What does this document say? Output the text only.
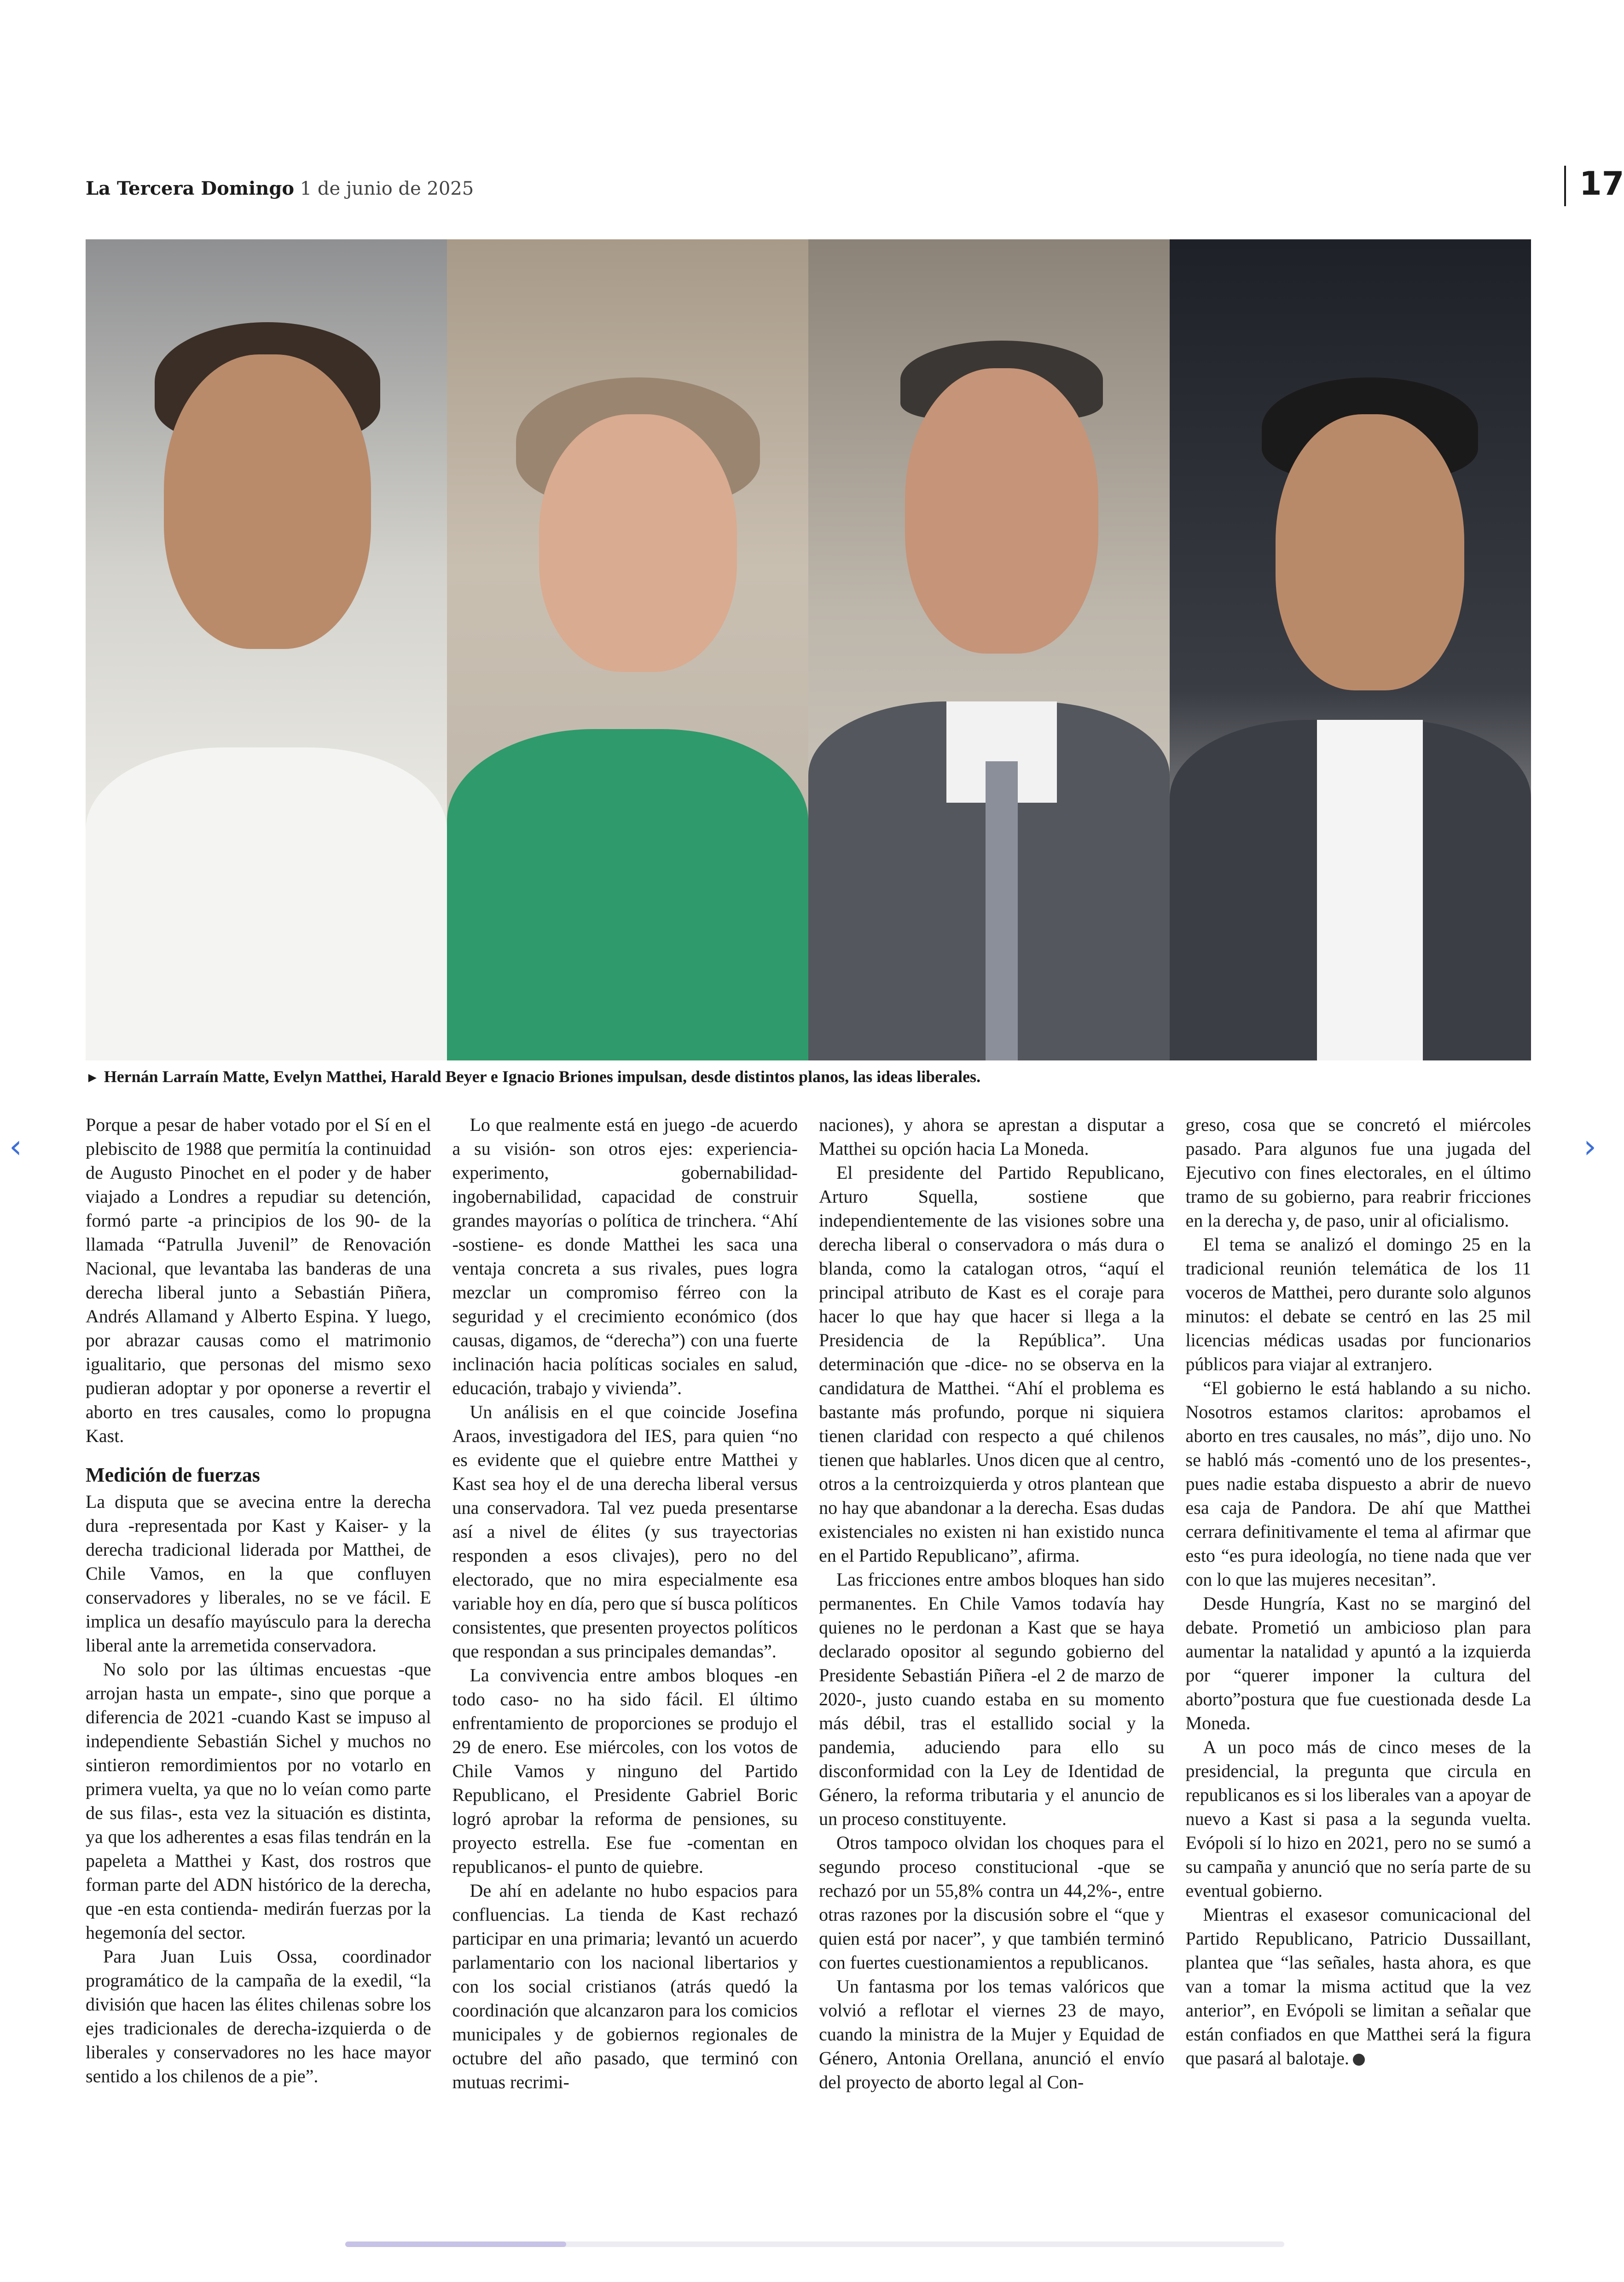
La Tercera Domingo 1 de junio de 2025	17
► Hernán Larraín Matte, Evelyn Matthei, Harald Beyer e Ignacio Briones impulsan, desde distintos planos, las ideas liberales.

Porque a pesar de haber votado por el Sí en el plebiscito de 1988 que permitía la continuidad de Augusto Pinochet en el poder y de haber viajado a Londres a repudiar su detención, formó parte -a principios de los 90- de la llamada “Patrulla Juvenil” de Renovación Nacional, que levantaba las banderas de una derecha liberal junto a Sebastián Piñera, Andrés Allamand y Alberto Espina. Y luego, por abrazar causas como el matrimonio igualitario, que personas del mismo sexo pudieran adoptar y por oponerse a revertir el aborto en tres causales, como lo propugna Kast.

Medición de fuerzas

La disputa que se avecina entre la derecha dura -representada por Kast y Kaiser- y la derecha tradicional liderada por Matthei, de Chile Vamos, en la que confluyen conservadores y liberales, no se ve fácil. E implica un desafío mayúsculo para la derecha liberal ante la arremetida conservadora.

No solo por las últimas encuestas -que arrojan hasta un empate-, sino que porque a diferencia de 2021 -cuando Kast se impuso al independiente Sebastián Sichel y muchos no sintieron remordimientos por no votarlo en primera vuelta, ya que no lo veían como parte de sus filas-, esta vez la situación es distinta, ya que los adherentes a esas filas tendrán en la papeleta a Matthei y Kast, dos rostros que forman parte del ADN histórico de la derecha, que -en esta contienda- medirán fuerzas por la hegemonía del sector.

Para Juan Luis Ossa, coordinador programático de la campaña de la exedil, “la división que hacen las élites chilenas sobre los ejes tradicionales de derecha-izquierda o de liberales y conservadores no les hace mayor sentido a los chilenos de a pie”.

Lo que realmente está en juego -de acuerdo a su visión- son otros ejes: experiencia-experimento, gobernabilidad-ingobernabilidad, capacidad de construir grandes mayorías o política de trinchera. “Ahí -sostiene- es donde Matthei les saca una ventaja concreta a sus rivales, pues logra mezclar un compromiso férreo con la seguridad y el crecimiento económico (dos causas, digamos, de “derecha”) con una fuerte inclinación hacia políticas sociales en salud, educación, trabajo y vivienda”.

Un análisis en el que coincide Josefina Araos, investigadora del IES, para quien “no es evidente que el quiebre entre Matthei y Kast sea hoy el de una derecha liberal versus una conservadora. Tal vez pueda presentarse así a nivel de élites (y sus trayectorias responden a esos clivajes), pero no del electorado, que no mira especialmente esa variable hoy en día, pero que sí busca políticos consistentes, que presenten proyectos políticos que respondan a sus principales demandas”.

La convivencia entre ambos bloques -en todo caso- no ha sido fácil. El último enfrentamiento de proporciones se produjo el 29 de enero. Ese miércoles, con los votos de Chile Vamos y ninguno del Partido Republicano, el Presidente Gabriel Boric logró aprobar la reforma de pensiones, su proyecto estrella. Ese fue -comentan en republicanos- el punto de quiebre.

De ahí en adelante no hubo espacios para confluencias. La tienda de Kast rechazó participar en una primaria; levantó un acuerdo parlamentario con los nacional libertarios y con los social cristianos (atrás quedó la coordinación que alcanzaron para los comicios municipales y de gobiernos regionales de octubre del año pasado, que terminó con mutuas recrimi-

naciones), y ahora se aprestan a disputar a Matthei su opción hacia La Moneda.

El presidente del Partido Republicano, Arturo Squella, sostiene que independientemente de las visiones sobre una derecha liberal o conservadora o más dura o blanda, como la catalogan otros, “aquí el principal atributo de Kast es el coraje para hacer lo que hay que hacer si llega a la Presidencia de la República”. Una determinación que -dice- no se observa en la candidatura de Matthei. “Ahí el problema es bastante más profundo, porque ni siquiera tienen claridad con respecto a qué chilenos tienen que hablarles. Unos dicen que al centro, otros a la centroizquierda y otros plantean que no hay que abandonar a la derecha. Esas dudas existenciales no existen ni han existido nunca en el Partido Republicano”, afirma.

Las fricciones entre ambos bloques han sido permanentes. En Chile Vamos todavía hay quienes no le perdonan a Kast que se haya declarado opositor al segundo gobierno del Presidente Sebastián Piñera -el 2 de marzo de 2020-, justo cuando estaba en su momento más débil, tras el estallido social y la pandemia, aduciendo para ello su disconformidad con la Ley de Identidad de Género, la reforma tributaria y el anuncio de un proceso constituyente.

Otros tampoco olvidan los choques para el segundo proceso constitucional -que se rechazó por un 55,8% contra un 44,2%-, entre otras razones por la discusión sobre el “que y quien está por nacer”, y que también terminó con fuertes cuestionamientos a republicanos.

Un fantasma por los temas valóricos que volvió a reflotar el viernes 23 de mayo, cuando la ministra de la Mujer y Equidad de Género, Antonia Orellana, anunció el envío del proyecto de aborto legal al Con-

greso, cosa que se concretó el miércoles pasado. Para algunos fue una jugada del Ejecutivo con fines electorales, en el último tramo de su gobierno, para reabrir fricciones en la derecha y, de paso, unir al oficialismo.

El tema se analizó el domingo 25 en la tradicional reunión telemática de los 11 voceros de Matthei, pero durante solo algunos minutos: el debate se centró en las 25 mil licencias médicas usadas por funcionarios públicos para viajar al extranjero.

“El gobierno le está hablando a su nicho. Nosotros estamos claritos: aprobamos el aborto en tres causales, no más”, dijo uno. No se habló más -comentó uno de los presentes-, pues nadie estaba dispuesto a abrir de nuevo esa caja de Pandora. De ahí que Matthei cerrara definitivamente el tema al afirmar que esto “es pura ideología, no tiene nada que ver con lo que las mujeres necesitan”.

Desde Hungría, Kast no se marginó del debate. Prometió un ambicioso plan para aumentar la natalidad y apuntó a la izquierda por “querer imponer la cultura del aborto”postura que fue cuestionada desde La Moneda.

A un poco más de cinco meses de la presidencial, la pregunta que circula en republicanos es si los liberales van a apoyar de nuevo a Kast si pasa a la segunda vuelta. Evópoli sí lo hizo en 2021, pero no se sumó a su campaña y anunció que no sería parte de su eventual gobierno.

Mientras el exasesor comunicacional del Partido Republicano, Patricio Dussaillant, plantea que “las señales, hasta ahora, es que van a tomar la misma actitud que la vez anterior”, en Evópoli se limitan a señalar que están confiados en que Matthei será la figura que pasará al balotaje.

‹	›
